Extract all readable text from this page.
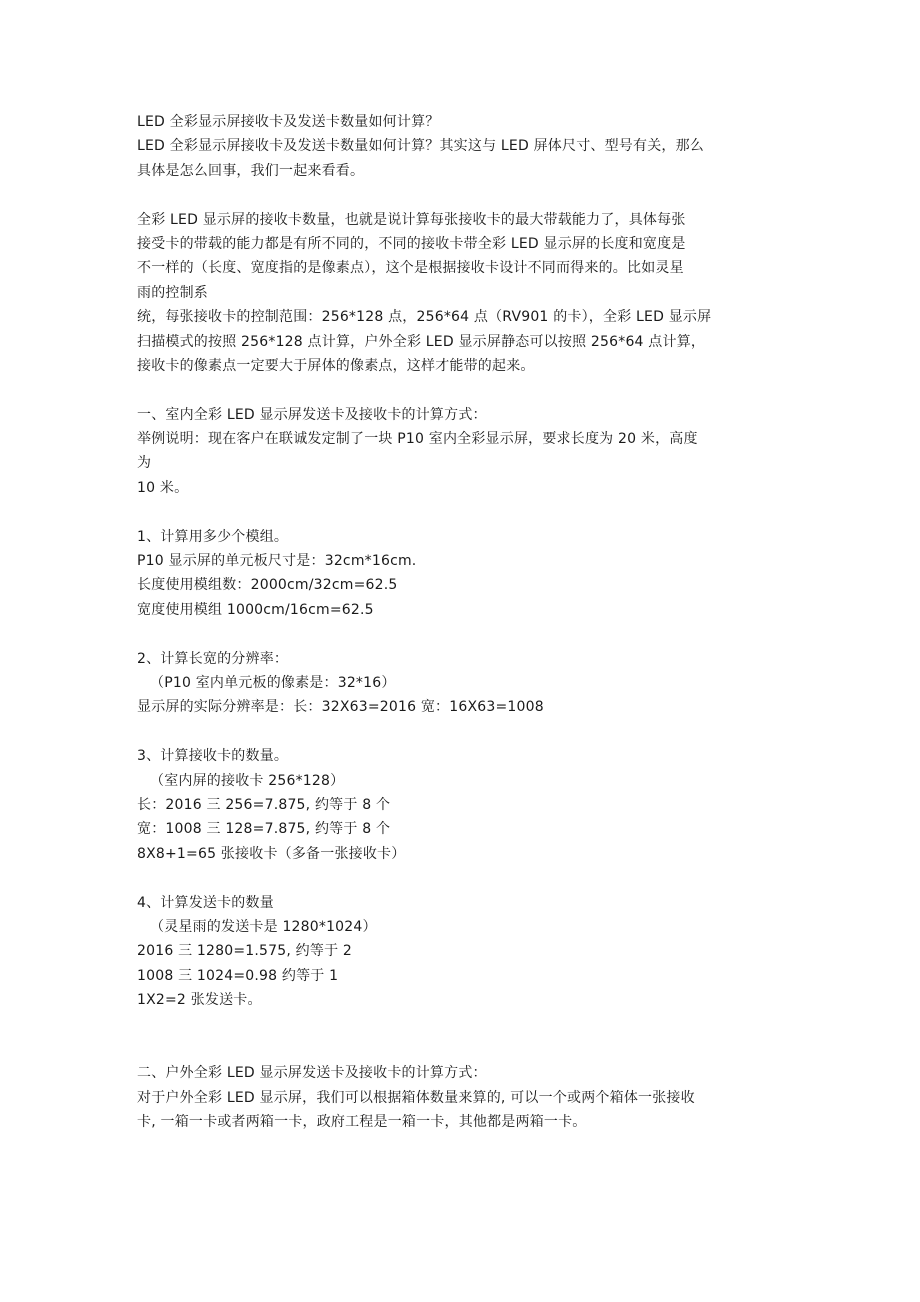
LED 全彩显示屏接收卡及发送卡数量如何计算？
LED 全彩显示屏接收卡及发送卡数量如何计算？其实这与 LED 屏体尺寸、型号有关，那么
具体是怎么回事，我们一起来看看。
全彩 LED 显示屏的接收卡数量，也就是说计算每张接收卡的最大带载能力了，具体每张
接受卡的带载的能力都是有所不同的，不同的接收卡带全彩 LED 显示屏的长度和宽度是
不一样的（长度、宽度指的是像素点），这个是根据接收卡设计不同而得来的。比如灵星
雨的控制系
统，每张接收卡的控制范围：256*128 点，256*64 点（RV901 的卡），全彩 LED 显示屏
扫描模式的按照 256*128 点计算，户外全彩 LED 显示屏静态可以按照 256*64 点计算，
接收卡的像素点一定要大于屏体的像素点，这样才能带的起来。
一、室内全彩 LED 显示屏发送卡及接收卡的计算方式：
举例说明：现在客户在联诚发定制了一块 P10 室内全彩显示屏，要求长度为 20 米，高度
为
10 米。
1、计算用多少个模组。
P10 显示屏的单元板尺寸是：32cm*16cm.
长度使用模组数：2000cm/32cm=62.5
宽度使用模组 1000cm/16cm=62.5
2、计算长宽的分辨率：
（P10 室内单元板的像素是：32*16）
显示屏的实际分辨率是：长：32X63=2016 宽：16X63=1008
3、计算接收卡的数量。
（室内屏的接收卡 256*128）
长：2016 三 256=7.875, 约等于 8 个
宽：1008 三 128=7.875, 约等于 8 个
8X8+1=65 张接收卡（多备一张接收卡）
4、计算发送卡的数量
（灵星雨的发送卡是 1280*1024）
2016 三 1280=1.575, 约等于 2
1008 三 1024=0.98 约等于 1
1X2=2 张发送卡。
二、户外全彩 LED 显示屏发送卡及接收卡的计算方式：
对于户外全彩 LED 显示屏，我们可以根据箱体数量来算的, 可以一个或两个箱体一张接收
卡, 一箱一卡或者两箱一卡，政府工程是一箱一卡，其他都是两箱一卡。
